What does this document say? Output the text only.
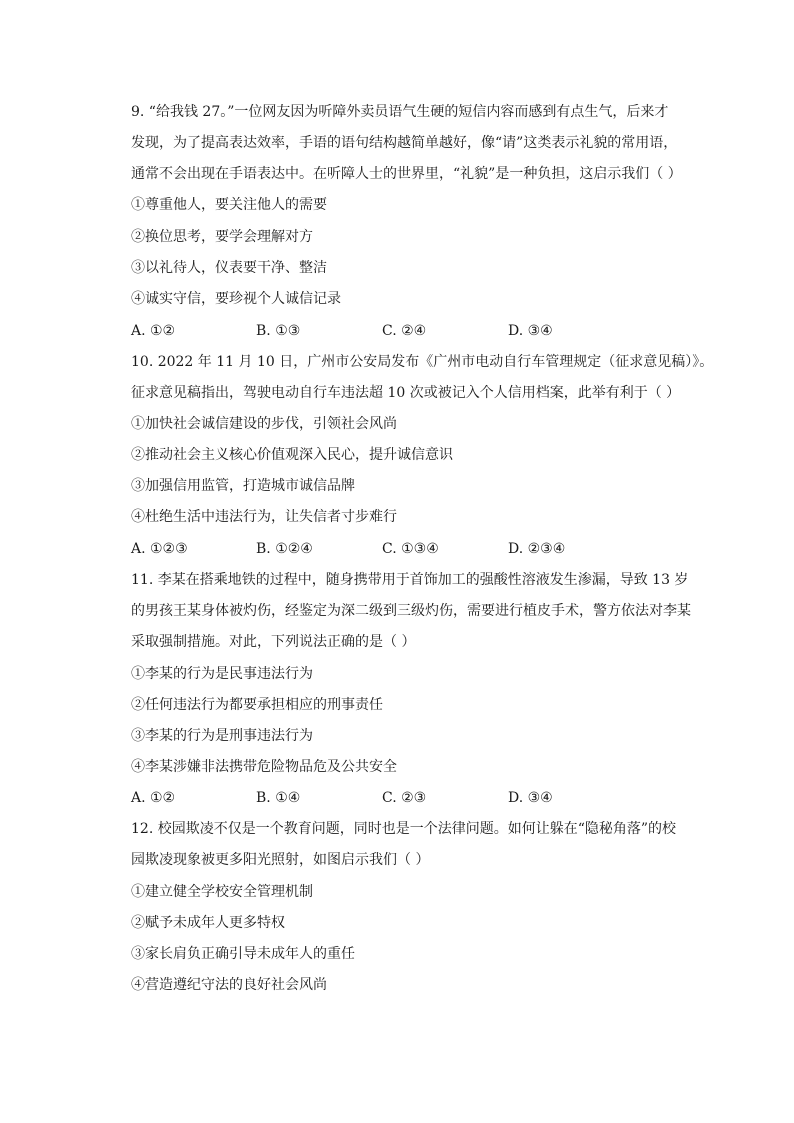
9. “给我钱 27。”一位网友因为听障外卖员语气生硬的短信内容而感到有点生气，后来才
发现，为了提高表达效率，手语的语句结构越简单越好，像“请”这类表示礼貌的常用语，
通常不会出现在手语表达中。在听障人士的世界里，“礼貌”是一种负担，这启示我们（ ）
①尊重他人，要关注他人的需要
②换位思考，要学会理解对方
③以礼待人，仪表要干净、整洁
④诚实守信，要珍视个人诚信记录
A. ①②	B. ①③	C. ②④	D. ③④
10. 2022 年 11 月 10 日，广州市公安局发布《广州市电动自行车管理规定（征求意见稿）》。
征求意见稿指出，驾驶电动自行车违法超 10 次或被记入个人信用档案，此举有利于（ ）
①加快社会诚信建设的步伐，引领社会风尚
②推动社会主义核心价值观深入民心，提升诚信意识
③加强信用监管，打造城市诚信品牌
④杜绝生活中违法行为，让失信者寸步难行
A. ①②③	B. ①②④	C. ①③④	D. ②③④
11. 李某在搭乘地铁的过程中，随身携带用于首饰加工的强酸性溶液发生渗漏，导致 13 岁
的男孩王某身体被灼伤，经鉴定为深二级到三级灼伤，需要进行植皮手术，警方依法对李某
采取强制措施。对此，下列说法正确的是（ ）
①李某的行为是民事违法行为
②任何违法行为都要承担相应的刑事责任
③李某的行为是刑事违法行为
④李某涉嫌非法携带危险物品危及公共安全
A. ①②	B. ①④	C. ②③	D. ③④
12. 校园欺凌不仅是一个教育问题，同时也是一个法律问题。如何让躲在“隐秘角落”的校
园欺凌现象被更多阳光照射，如图启示我们（ ）
①建立健全学校安全管理机制
②赋予未成年人更多特权
③家长肩负正确引导未成年人的重任
④营造遵纪守法的良好社会风尚
